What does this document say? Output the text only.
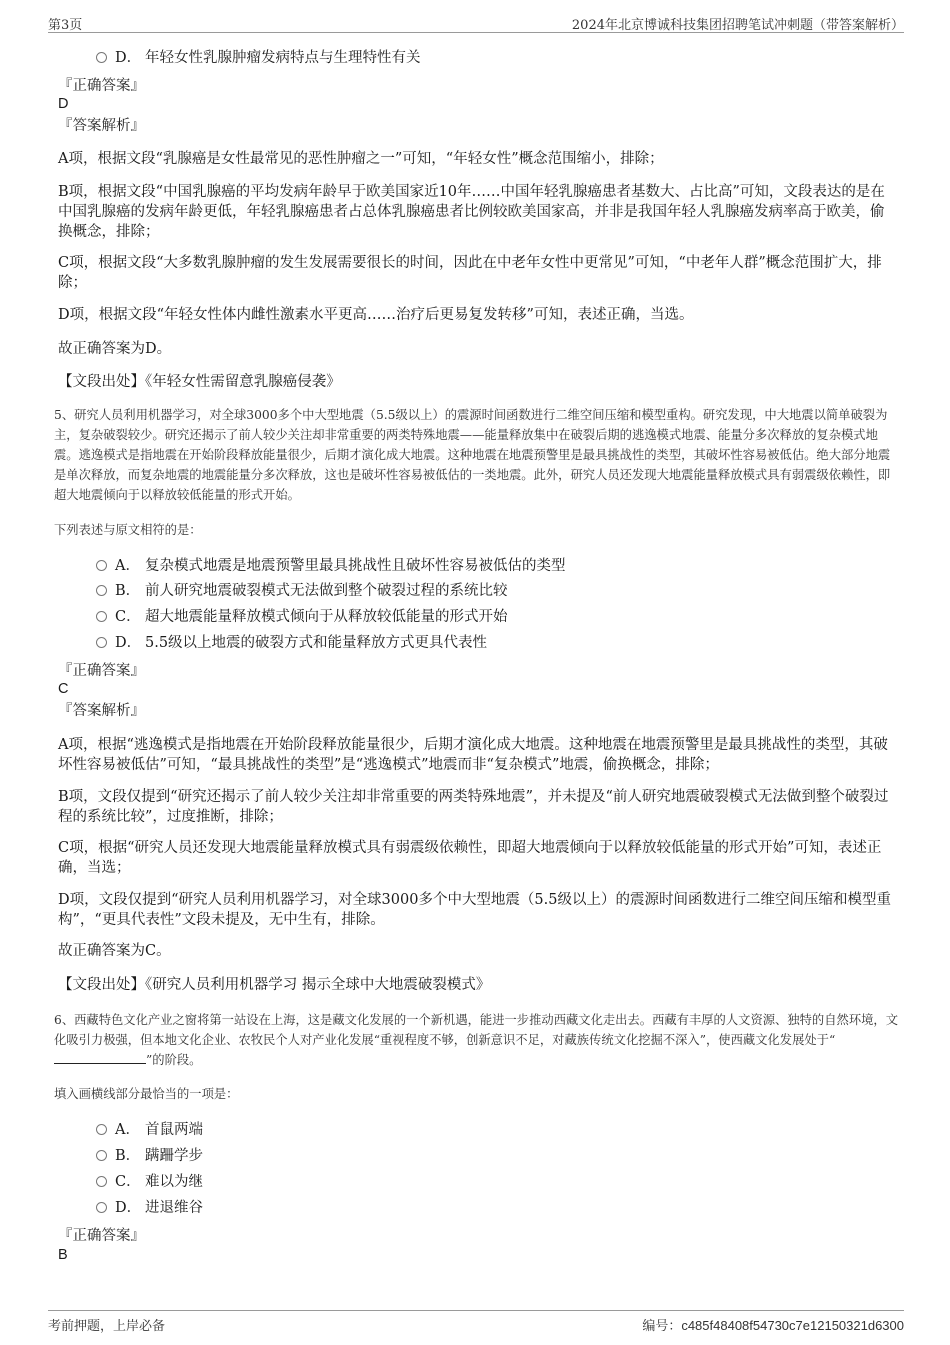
第3页	2024年北京博诚科技集团招聘笔试冲刺题（带答案解析）
D． 年轻女性乳腺肿瘤发病特点与生理特性有关
『正确答案』
D
『答案解析』
A项，根据文段“乳腺癌是女性最常见的恶性肿瘤之一”可知，“年轻女性”概念范围缩小，排除；
B项，根据文段“中国乳腺癌的平均发病年龄早于欧美国家近10年……中国年轻乳腺癌患者基数大、占比高”可知，文段表达的是在中国乳腺癌的发病年龄更低，年轻乳腺癌患者占总体乳腺癌患者比例较欧美国家高，并非是我国年轻人乳腺癌发病率高于欧美，偷换概念，排除；
C项，根据文段“大多数乳腺肿瘤的发生发展需要很长的时间，因此在中老年女性中更常见”可知，“中老年人群”概念范围扩大，排除；
D项，根据文段“年轻女性体内雌性激素水平更高……治疗后更易复发转移”可知，表述正确，当选。
故正确答案为D。
【文段出处】《年轻女性需留意乳腺癌侵袭》
5、研究人员利用机器学习，对全球3000多个中大型地震（5.5级以上）的震源时间函数进行二维空间压缩和模型重构。研究发现，中大地震以简单破裂为主，复杂破裂较少。研究还揭示了前人较少关注却非常重要的两类特殊地震——能量释放集中在破裂后期的逃逸模式地震、能量分多次释放的复杂模式地震。逃逸模式是指地震在开始阶段释放能量很少，后期才演化成大地震。这种地震在地震预警里是最具挑战性的类型，其破坏性容易被低估。绝大部分地震是单次释放，而复杂地震的地震能量分多次释放，这也是破坏性容易被低估的一类地震。此外，研究人员还发现大地震能量释放模式具有弱震级依赖性，即超大地震倾向于以释放较低能量的形式开始。
下列表述与原文相符的是：
A． 复杂模式地震是地震预警里最具挑战性且破坏性容易被低估的类型
B． 前人研究地震破裂模式无法做到整个破裂过程的系统比较
C． 超大地震能量释放模式倾向于从释放较低能量的形式开始
D． 5.5级以上地震的破裂方式和能量释放方式更具代表性
『正确答案』
C
『答案解析』
A项，根据“逃逸模式是指地震在开始阶段释放能量很少，后期才演化成大地震。这种地震在地震预警里是最具挑战性的类型，其破坏性容易被低估”可知，“最具挑战性的类型”是“逃逸模式”地震而非“复杂模式”地震，偷换概念，排除；
B项，文段仅提到“研究还揭示了前人较少关注却非常重要的两类特殊地震”，并未提及“前人研究地震破裂模式无法做到整个破裂过程的系统比较”，过度推断，排除；
C项，根据“研究人员还发现大地震能量释放模式具有弱震级依赖性，即超大地震倾向于以释放较低能量的形式开始”可知，表述正确，当选；
D项，文段仅提到“研究人员利用机器学习，对全球3000多个中大型地震（5.5级以上）的震源时间函数进行二维空间压缩和模型重构”，“更具代表性”文段未提及，无中生有，排除。
故正确答案为C。
【文段出处】《研究人员利用机器学习 揭示全球中大地震破裂模式》
6、西藏特色文化产业之窗将第一站设在上海，这是藏文化发展的一个新机遇，能进一步推动西藏文化走出去。西藏有丰厚的人文资源、独特的自然环境，文化吸引力极强，但本地文化企业、农牧民个人对产业化发展“重视程度不够，创新意识不足，对藏族传统文化挖掘不深入”，使西藏文化发展处于“”的阶段。
填入画横线部分最恰当的一项是：
A． 首鼠两端
B． 蹒跚学步
C． 难以为继
D． 进退维谷
『正确答案』
B
考前押题，上岸必备	编号：c485f48408f54730c7e12150321d6300
